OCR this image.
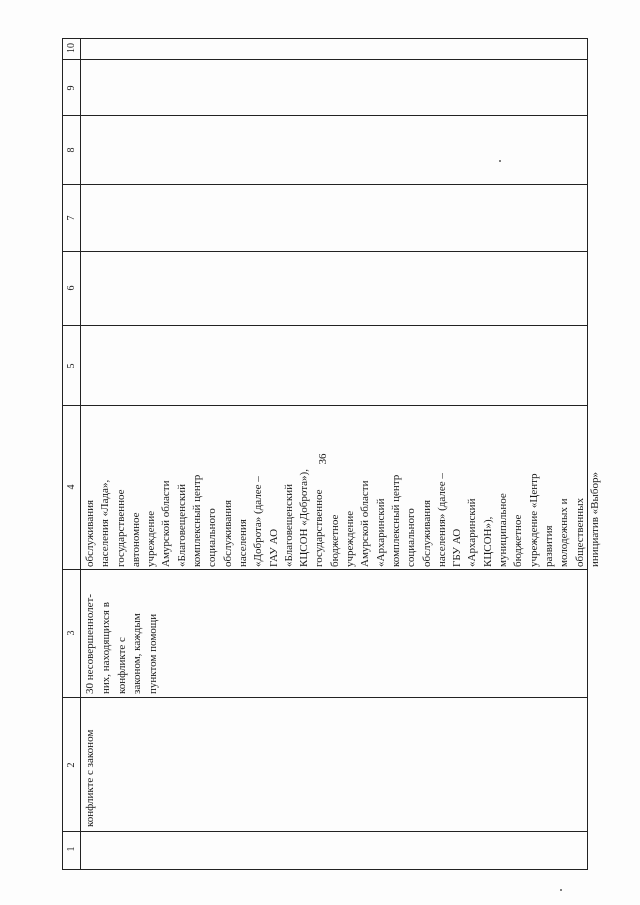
36
1
2
3
4
5
6
7
8
9
10
конфликте с законом
30 несовершеннолет- них, находящихся в конфликте с законом, каждым пунктом помощи
обслуживания населения «Лада», государственное автономное учреждение Амурской области «Благовещенский комплексный центр социального обслуживания населения «Доброта» (далее – ГАУ АО «Благовещенский КЦСОН «Доброта»), государственное бюджетное учреждение Амурской области «Архаринский комплексный центр социального обслуживания населения» (далее – ГБУ АО «Архаринский КЦСОН»), муниципальное бюджетное учреждение «Центр развития молодежных и общественных инициатив «Выбор»
